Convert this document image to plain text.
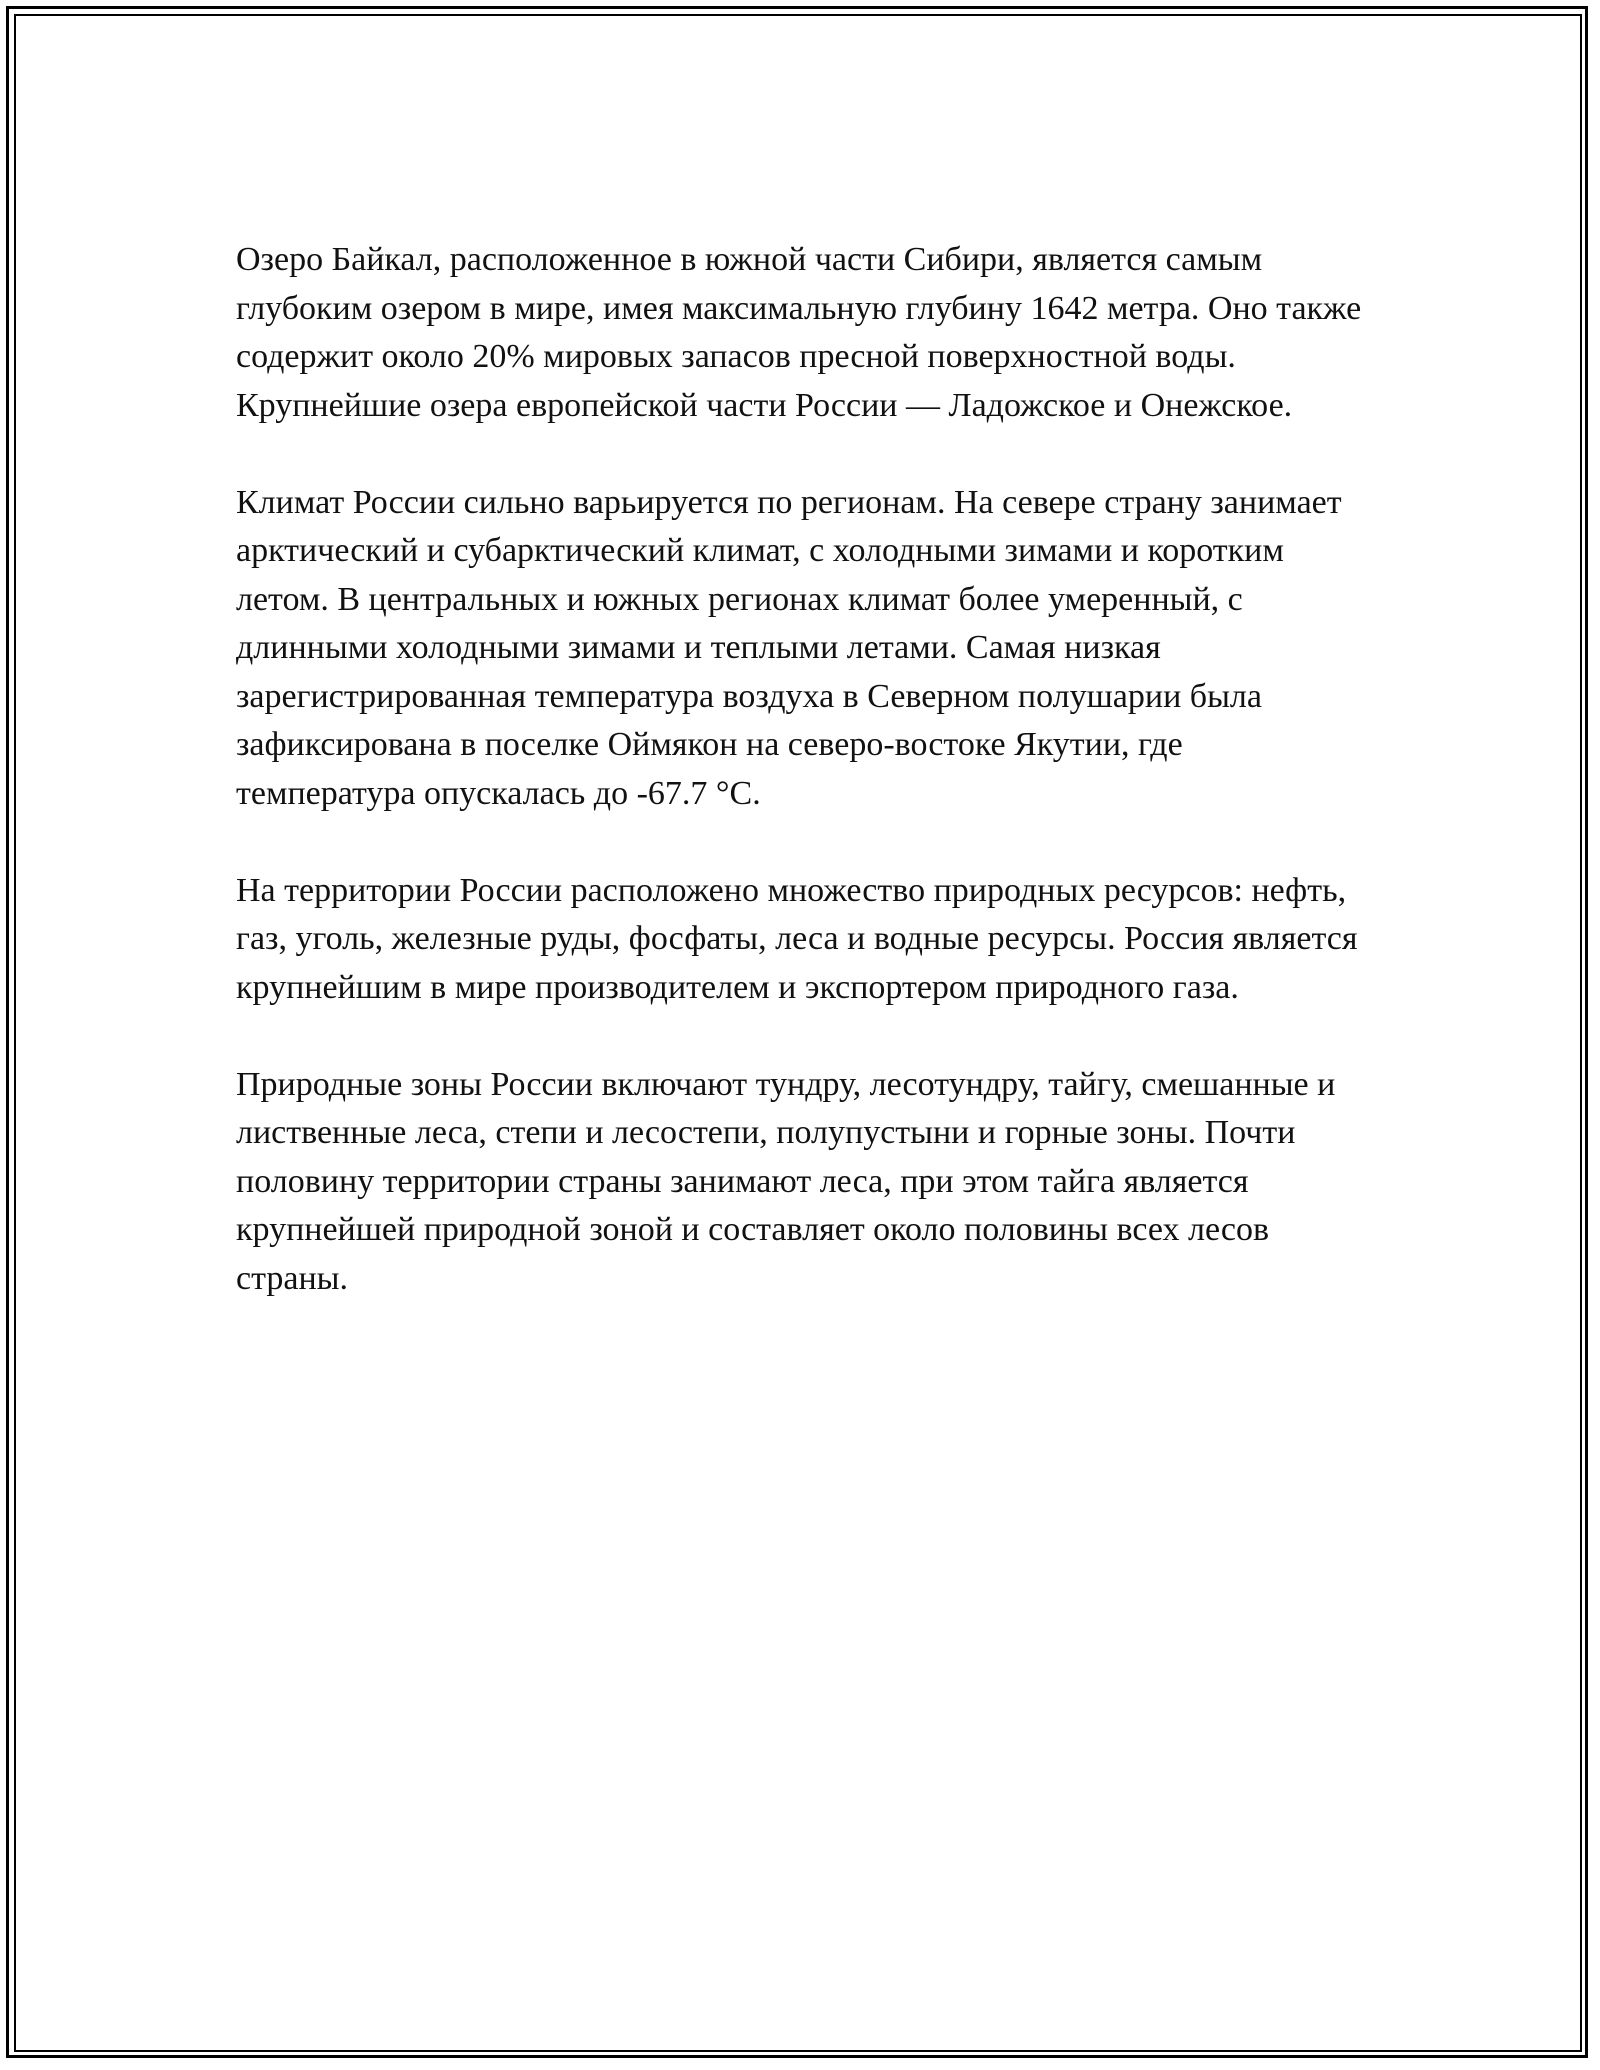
Озеро Байкал, расположенное в южной части Сибири, является самым глубоким озером в мире, имея максимальную глубину 1642 метра. Оно также содержит около 20% мировых запасов пресной поверхностной воды. Крупнейшие озера европейской части России — Ладожское и Онежское.

Климат России сильно варьируется по регионам. На севере страну занимает арктический и субарктический климат, с холодными зимами и коротким летом. В центральных и южных регионах климат более умеренный, с длинными холодными зимами и теплыми летами. Самая низкая зарегистрированная температура воздуха в Северном полушарии была зафиксирована в поселке Оймякон на северо-востоке Якутии, где температура опускалась до -67.7 °C.

На территории России расположено множество природных ресурсов: нефть, газ, уголь, железные руды, фосфаты, леса и водные ресурсы. Россия является крупнейшим в мире производителем и экспортером природного газа.

Природные зоны России включают тундру, лесотундру, тайгу, смешанные и лиственные леса, степи и лесостепи, полупустыни и горные зоны. Почти половину территории страны занимают леса, при этом тайга является крупнейшей природной зоной и составляет около половины всех лесов страны.
